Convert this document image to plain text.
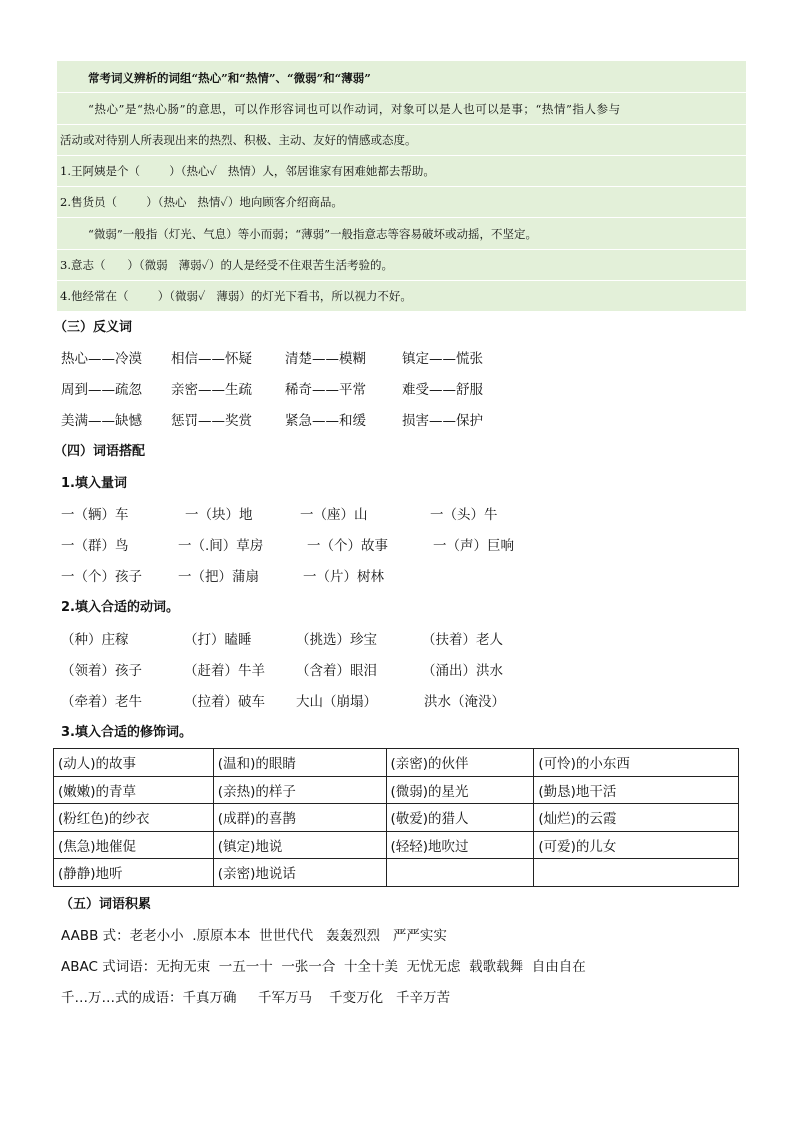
常考词义辨析的词组“热心”和“热情”、“微弱”和“薄弱”
“热心”是“热心肠”的意思，可以作形容词也可以作动词，对象可以是人也可以是事；“热情”指人参与
活动或对待别人所表现出来的热烈、积极、主动、友好的情感或态度。
1.王阿姨是个（        ）（热心✓   热情）人，邻居谁家有困难她都去帮助。
2.售货员（        ）（热心   热情✓）地向顾客介绍商品。
“微弱”一般指（灯光、气息）等小而弱；“薄弱”一般指意志等容易破坏或动摇，不坚定。
3.意志（      ）（微弱   薄弱✓）的人是经受不住艰苦生活考验的。
4.他经常在（        ）（微弱✓   薄弱）的灯光下看书，所以视力不好。
（三）反义词
热心——冷漠 相信——怀疑 清楚——模糊	镇定——慌张
周到——疏忽 亲密——生疏 稀奇——平常	难受——舒服
美满——缺憾 惩罚——奖赏 紧急——和缓	损害——保护
（四）词语搭配
1.填入量词
一（辆）车	一（块）地	一（座）山	一（头）牛
一（群）鸟	一（.间）草房	一（个）故事	一（声）巨响
一（个）孩子	一（把）蒲扇	一（片）树林
2.填入合适的动词。
（种）庄稼	（打）瞌睡	（挑选）珍宝	（扶着）老人
（领着）孩子	（赶着）牛羊 （含着）眼泪	（涌出）洪水
（牵着）老牛	（拉着）破车 大山（崩塌）	洪水（淹没）
3.填入合适的修饰词。
(动人)的故事	(温和)的眼睛	(亲密)的伙伴	(可怜)的小东西
(嫩嫩)的青草	(亲热)的样子	(微弱)的星光	(勤恳)地干活
(粉红色)的纱衣	(成群)的喜鹊	(敬爱)的猎人	(灿烂)的云霞
(焦急)地催促	(镇定)地说	(轻轻)地吹过	(可爱)的儿女
(静静)地听	(亲密)地说话		
（五）词语积累
AABB 式：老老小小  .原原本本  世世代代   轰轰烈烈   严严实实
ABAC 式词语：无拘无束  一五一十  一张一合  十全十美  无忧无虑  载歌载舞  自由自在
千…万…式的成语：千真万确     千军万马    千变万化   千辛万苦
